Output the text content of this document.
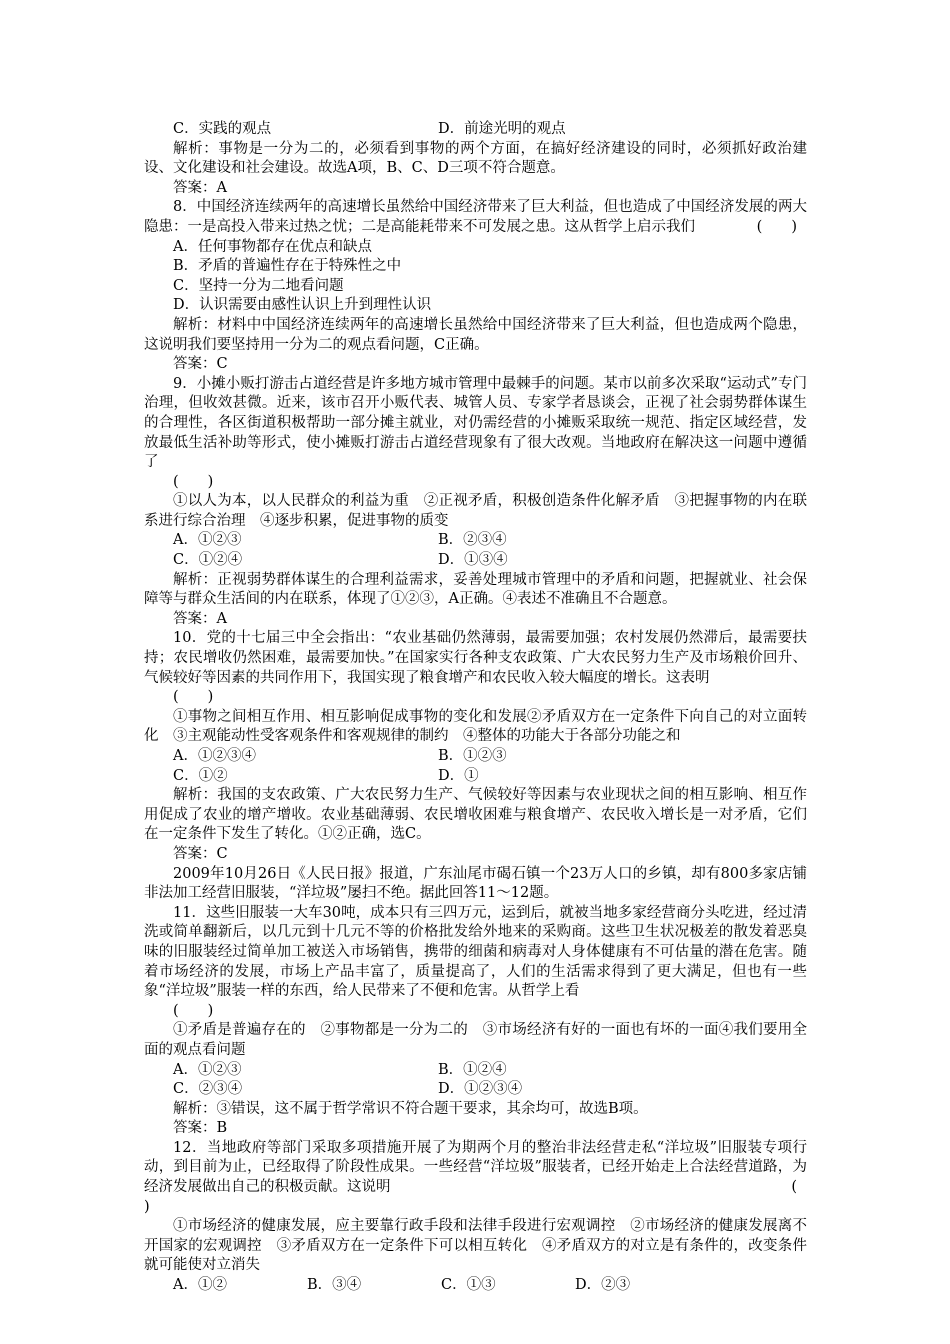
C．实践的观点	D．前途光明的观点

解析：事物是一分为二的，必须看到事物的两个方面，在搞好经济建设的同时，必须抓好政治建设、文化建设和社会建设。故选A项，B、C、D三项不符合题意。

答案：A

8．中国经济连续两年的高速增长虽然给中国经济带来了巨大利益，但也造成了中国经济发展的两大隐患：一是高投入带来过热之忧；二是高能耗带来不可发展之患。这从哲学上启示我们	(　　)

A．任何事物都存在优点和缺点

B．矛盾的普遍性存在于特殊性之中

C．坚持一分为二地看问题

D．认识需要由感性认识上升到理性认识

解析：材料中中国经济连续两年的高速增长虽然给中国经济带来了巨大利益，但也造成两个隐患，这说明我们要坚持用一分为二的观点看问题，C正确。

答案：C

9．小摊小贩打游击占道经营是许多地方城市管理中最棘手的问题。某市以前多次采取“运动式”专门治理，但收效甚微。近来，该市召开小贩代表、城管人员、专家学者恳谈会，正视了社会弱势群体谋生的合理性，各区街道积极帮助一部分摊主就业，对仍需经营的小摊贩采取统一规范、指定区域经营，发放最低生活补助等形式，使小摊贩打游击占道经营现象有了很大改观。当地政府在解决这一问题中遵循了

(　　)

①以人为本，以人民群众的利益为重　②正视矛盾，积极创造条件化解矛盾　③把握事物的内在联系进行综合治理　④逐步积累，促进事物的质变

A．①②③	B．②③④
C．①②④	D．①③④

解析：正视弱势群体谋生的合理利益需求，妥善处理城市管理中的矛盾和问题，把握就业、社会保障等与群众生活间的内在联系，体现了①②③，A正确。④表述不准确且不合题意。

答案：A

10．党的十七届三中全会指出：“农业基础仍然薄弱，最需要加强；农村发展仍然滞后，最需要扶持；农民增收仍然困难，最需要加快。”在国家实行各种支农政策、广大农民努力生产及市场粮价回升、气候较好等因素的共同作用下，我国实现了粮食增产和农民收入较大幅度的增长。这表明

(　　)

①事物之间相互作用、相互影响促成事物的变化和发展②矛盾双方在一定条件下向自己的对立面转化　③主观能动性受客观条件和客观规律的制约　④整体的功能大于各部分功能之和

A．①②③④	B．①②③
C．①②	D．①

解析：我国的支农政策、广大农民努力生产、气候较好等因素与农业现状之间的相互影响、相互作用促成了农业的增产增收。农业基础薄弱、农民增收困难与粮食增产、农民收入增长是一对矛盾，它们在一定条件下发生了转化。①②正确，选C。

答案：C

2009年10月26日《人民日报》报道，广东汕尾市碣石镇一个23万人口的乡镇，却有800多家店铺非法加工经营旧服装，“洋垃圾”屡扫不绝。据此回答11～12题。

11．这些旧服装一大车30吨，成本只有三四万元，运到后，就被当地多家经营商分头吃进，经过清洗或简单翻新后，以几元到十几元不等的价格批发给外地来的采购商。这些卫生状况极差的散发着恶臭味的旧服装经过简单加工被送入市场销售，携带的细菌和病毒对人身体健康有不可估量的潜在危害。随着市场经济的发展，市场上产品丰富了，质量提高了，人们的生活需求得到了更大满足，但也有一些象“洋垃圾”服装一样的东西，给人民带来了不便和危害。从哲学上看

(　　)

①矛盾是普遍存在的　②事物都是一分为二的　③市场经济有好的一面也有坏的一面④我们要用全面的观点看问题

A．①②③	B．①②④
C．②③④	D．①②③④

解析：③错误，这不属于哲学常识不符合题干要求，其余均可，故选B项。

答案：B

12．当地政府等部门采取多项措施开展了为期两个月的整治非法经营走私“洋垃圾”旧服装专项行动，到目前为止，已经取得了阶段性成果。一些经营“洋垃圾”服装者，已经开始走上合法经营道路，为经济发展做出自己的积极贡献。这说明	(

)

①市场经济的健康发展，应主要靠行政手段和法律手段进行宏观调控　②市场经济的健康发展离不开国家的宏观调控　③矛盾双方在一定条件下可以相互转化　④矛盾双方的对立是有条件的，改变条件就可能使对立消失

A．①②	B．③④	C．①③	D．②③
